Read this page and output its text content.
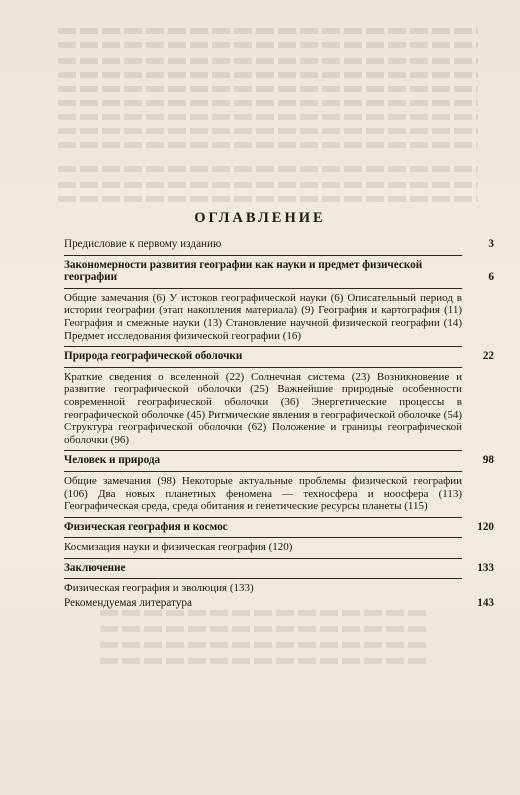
ОГЛАВЛЕНИЕ
Предисловие к первому изданию	3
Закономерности развития географии как науки и предмет физической географии	6
Общие замечания (6) У истоков географической науки (6) Описательный период в истории географии (этап накопления материала) (9) География и картография (11) География и смежные науки (13) Становление научной физической географии (14) Предмет исследования физической географии (16)
Природа географической оболочки	22
Краткие сведения о вселенной (22) Солнечная система (23) Возникновение и развитие географической оболочки (25) Важнейшие природные особенности современной географической оболочки (36) Энергетические процессы в географической оболочке (45) Ритмические явления в географической оболочке (54) Структура географической оболочки (62) Положение и границы географической оболочки (96)
Человек и природа	98
Общие замечания (98) Некоторые актуальные проблемы физической географии (106) Два новых планетных феномена — техносфера и ноосфера (113) Географическая среда, среда обитания и генетические ресурсы планеты (115)
Физическая география и космос	120
Космизация науки и физическая география (120)
Заключение	133
Физическая география и эволюция (133)
Рекомендуемая литература	143
